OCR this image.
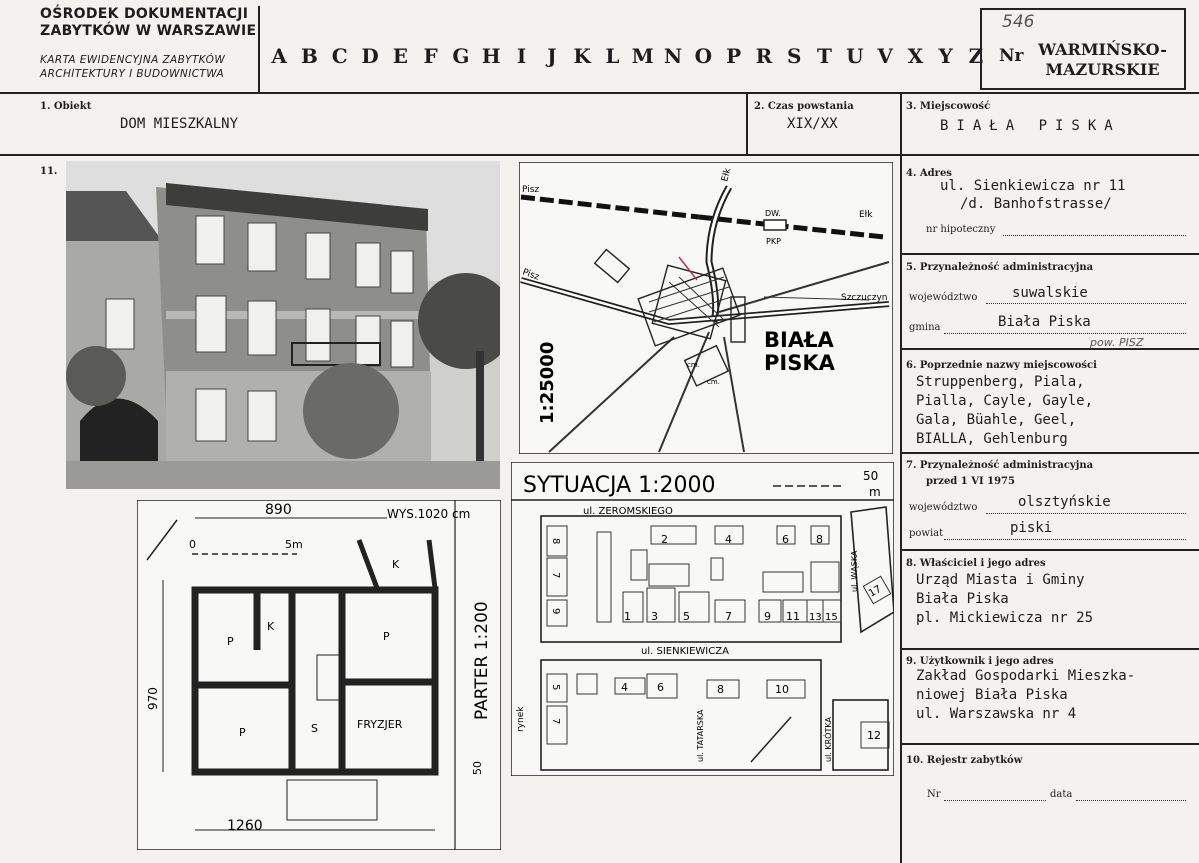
OŚRODEK DOKUMENTACJI
ZABYTKÓW W WARSZAWIE
KARTA EWIDENCYJNA ZABYTKÓW
ARCHITEKTURY I BUDOWNICTWA
A B C D E F G H I	J K L M N O P R S T U V X Y Z
546
Nr WARMIŃSKO-
MAZURSKIE
1. Obiekt
DOM MIESZKALNY
2. Czas powstania
XIX/XX
3. Miejscowość
BIAŁA PISKA
11.	4. Adres
ul. Sienkiewicza nr 11
/d. Banhofstrasse/
nr hipoteczny
5. Przynależność administracyjna
województwo suwalskie
gmina	Biała Piska
pow. PISZ
6. Poprzednie nazwy miejscowości
Struppenberg, Piala,
Pialla, Cayle, Gayle,
Gala, Büahle, Geel,
BIALLA, Gehlenburg
7. Przynależność administracyjna
przed 1 VI 1975
województwo	olsztyńskie
powiat	piski
8. Właściciel i jego adres
Urząd Miasta i Gminy
Biała Piska
pl. Mickiewicza nr 25
9. Użytkownik i jego adres
Zakład Gospodarki Mieszka-
niowej Biała Piska
ul. Warszawska nr 4
10. Rejestr zabytków
Nr	data
Pisz
Pisz
Ełk
Ełk
DW.
PKP
Szczuczyn
cm.
cm.
BIAŁA
PISKA
1:25000
SYTUACJA 1:2000	50
m
2	4	6 8
1 3 5	7	9 11 13 15
8
7
9
17
4	6	8	10
5
7
12
ul. ZEROMSKIEGO
ul. SIENKIEWICZA
ul. WĄSKA
ul. TATARSKA	ul. KRÓTKA
rynek
890	WYS.1020 cm
0	5m
970
K
K
P	P
P	S	FRYZJER
1260
50
PARTER 1:200
